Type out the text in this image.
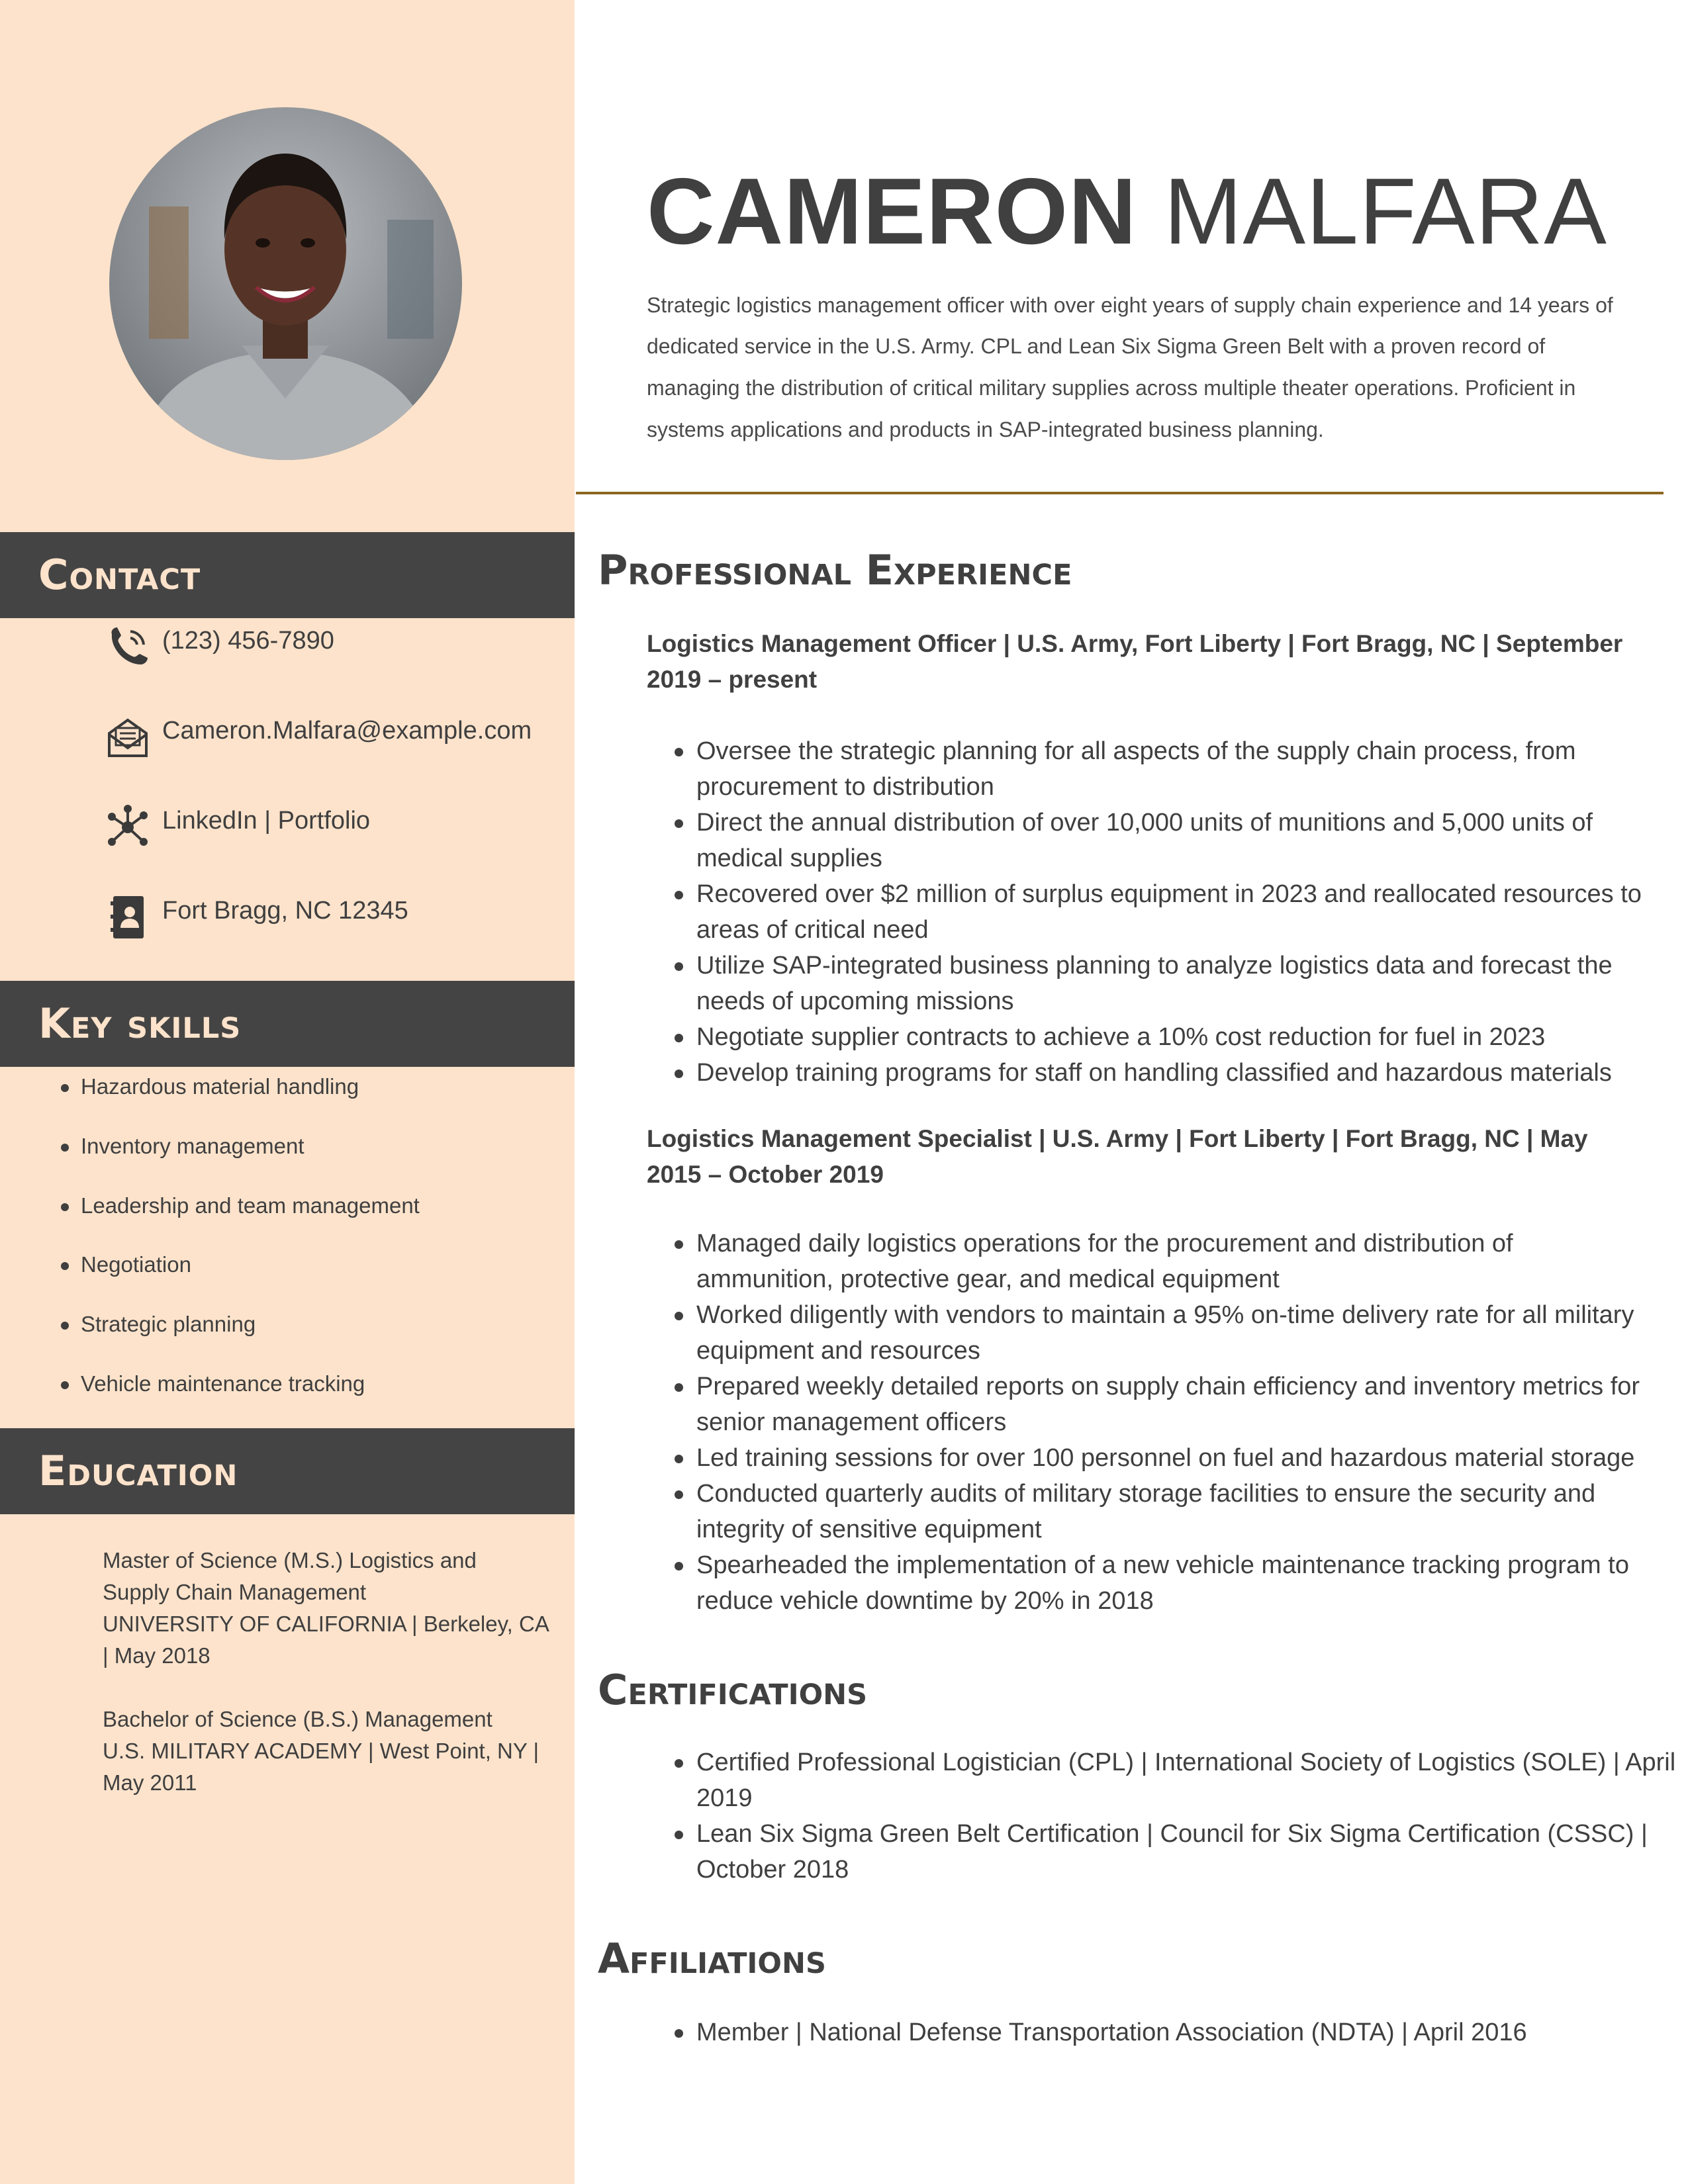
Contact
(123) 456-7890
Cameron.Malfara@example.com
LinkedIn | Portfolio
Fort Bragg, NC 12345
Key skills
Hazardous material handling
Inventory management
Leadership and team management
Negotiation
Strategic planning
Vehicle maintenance tracking
Education
Master of Science (M.S.) Logistics and
Supply Chain Management
UNIVERSITY OF CALIFORNIA | Berkeley, CA
| May 2018
Bachelor of Science (B.S.) Management
U.S. MILITARY ACADEMY | West Point, NY |
May 2011
CAMERON MALFARA
Strategic logistics management officer with over eight years of supply chain experience and 14 years of
dedicated service in the U.S. Army. CPL and Lean Six Sigma Green Belt with a proven record of
managing the distribution of critical military supplies across multiple theater operations. Proficient in
systems applications and products in SAP-integrated business planning.
Professional Experience
Logistics Management Officer | U.S. Army, Fort Liberty | Fort Bragg, NC | September
2019 – present
Oversee the strategic planning for all aspects of the supply chain process, from
procurement to distribution
Direct the annual distribution of over 10,000 units of munitions and 5,000 units of
medical supplies
Recovered over $2 million of surplus equipment in 2023 and reallocated resources to
areas of critical need
Utilize SAP-integrated business planning to analyze logistics data and forecast the
needs of upcoming missions
Negotiate supplier contracts to achieve a 10% cost reduction for fuel in 2023
Develop training programs for staff on handling classified and hazardous materials
Logistics Management Specialist | U.S. Army | Fort Liberty | Fort Bragg, NC | May
2015 – October 2019
Managed daily logistics operations for the procurement and distribution of
ammunition, protective gear, and medical equipment
Worked diligently with vendors to maintain a 95% on-time delivery rate for all military
equipment and resources
Prepared weekly detailed reports on supply chain efficiency and inventory metrics for
senior management officers
Led training sessions for over 100 personnel on fuel and hazardous material storage
Conducted quarterly audits of military storage facilities to ensure the security and
integrity of sensitive equipment
Spearheaded the implementation of a new vehicle maintenance tracking program to
reduce vehicle downtime by 20% in 2018
Certifications
Certified Professional Logistician (CPL) | International Society of Logistics (SOLE) | April
2019
Lean Six Sigma Green Belt Certification | Council for Six Sigma Certification (CSSC) |
October 2018
Affiliations
Member | National Defense Transportation Association (NDTA) | April 2016
